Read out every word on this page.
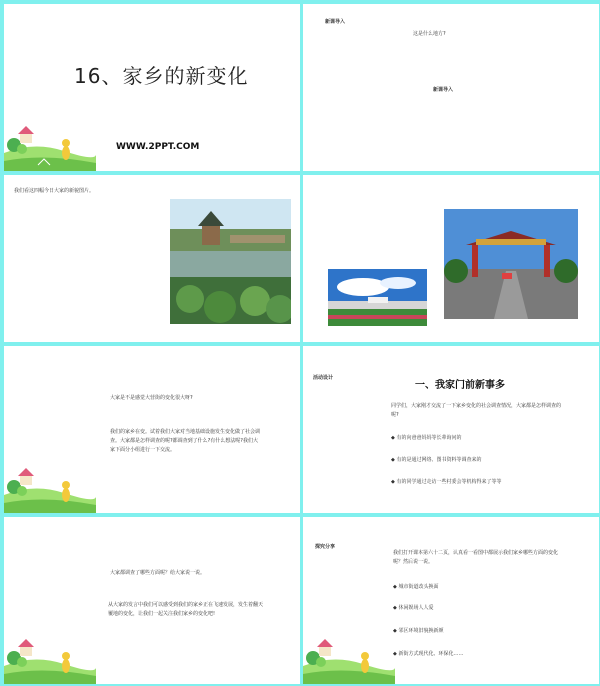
16、家乡的新变化
WWW.2PPT.COM
新课导入
这是什么地方?
新课导入
我们看这四幅今日大家的新貌图片。
大家是不是感觉大营街的变化很大呀?
我们的家乡在变。试着我们大家对当地基础设施发生变化做了社会调查。大家都是怎样调查的呢?都调查到了什么?有什么想法呢?我们大家下面分小组进行一下交流。
活动设计
一、我家门前新事多
同学们，大家刚才交流了一下家乡变化的社会调查情况，大家都是怎样调查的呢?
◆ 有的向爸爸妈妈等长辈询问的
◆ 有的是通过网络、图书资料等调查来的
◆ 有的同学通过走访一些村委会等机构得来了等等
大家都调查了哪些方面呢？给大家说一说。
从大家的发言中我们可以感受到我们的家乡正在飞速发展，发生着翻天覆地的变化，让我们一起关注我们家乡的变化吧!
探究分享
我们打开课本第六十二页，认真看一看图中都展示我们家乡哪些方面的变化呢？然后说一说。
◆ 城市街道改头换面
◆ 休闲娱场人人爱
◆ 邻区环境旧貌换新颜
◆ 新街方式现代化、环保化……
